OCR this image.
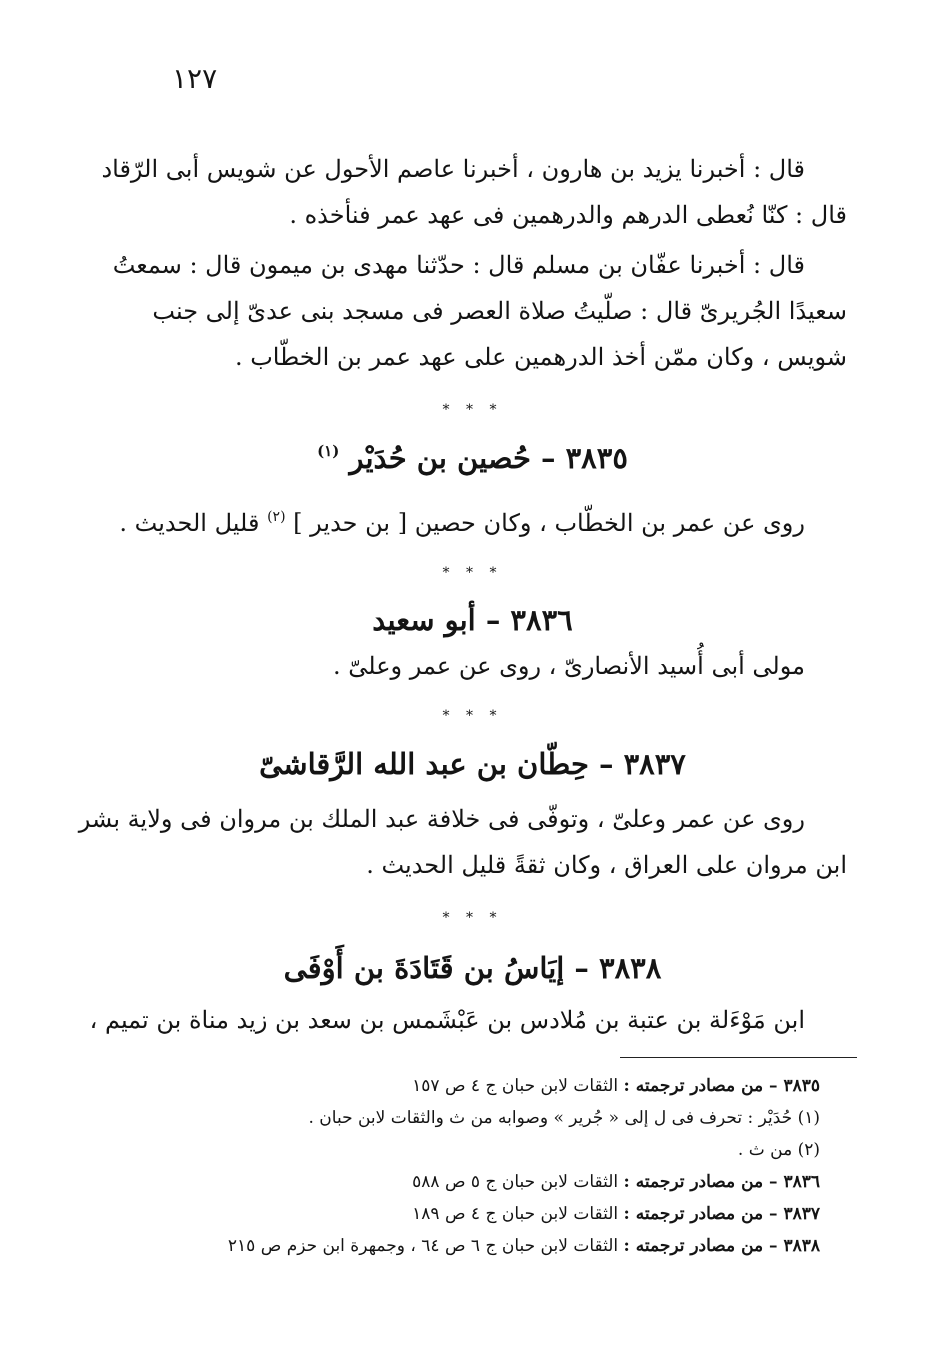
١٢٧
قال : أخبرنا يزيد بن هارون ، أخبرنا عاصم الأحول عن شويس أبى الرّقاد
قال : كنّا نُعطى الدرهم والدرهمين فى عهد عمر فنأخذه .
قال : أخبرنا عفّان بن مسلم قال : حدّثنا مهدى بن ميمون قال : سمعتُ
سعيدًا الجُريرىّ قال : صلّيتُ صلاة العصر فى مسجد بنى عدىّ إلى جنب
شويس ، وكان ممّن أخذ الدرهمين على عهد عمر بن الخطّاب .
* * *
٣٨٣٥ – حُصين بن حُدَيْر $^{(١)}$
روى عن عمر بن الخطّاب ، وكان حصين [ بن حدير ] $^{(٢)}$ قليل الحديث .
* * *
٣٨٣٦ – أبو سعيد
مولى أبى أُسيد الأنصارىّ ، روى عن عمر وعلىّ .
* * *
٣٨٣٧ – حِطّان بن عبد الله الرَّقاشىّ
روى عن عمر وعلىّ ، وتوفّى فى خلافة عبد الملك بن مروان فى ولاية بشر
ابن مروان على العراق ، وكان ثقةً قليل الحديث .
* * *
٣٨٣٨ – إيَاسُ بن قَتَادَةَ بن أَوْفَى
ابن مَوْءَلة بن عتبة بن مُلادس بن عَبْشَمس بن سعد بن زيد مناة بن تميم ،
٣٨٣٥ – من مصادر ترجمته : الثقات لابن حبان ج ٤ ص ١٥٧
(١) حُدَيْر : تحرف فى ل إلى « جُرير » وصوابه من ث والثقات لابن حبان .
(٢) من ث .
٣٨٣٦ – من مصادر ترجمته : الثقات لابن حبان ج ٥ ص ٥٨٨
٣٨٣٧ – من مصادر ترجمته : الثقات لابن حبان ج ٤ ص ١٨٩
٣٨٣٨ – من مصادر ترجمته : الثقات لابن حبان ج ٦ ص ٦٤ ، وجمهرة ابن حزم ص ٢١٥
